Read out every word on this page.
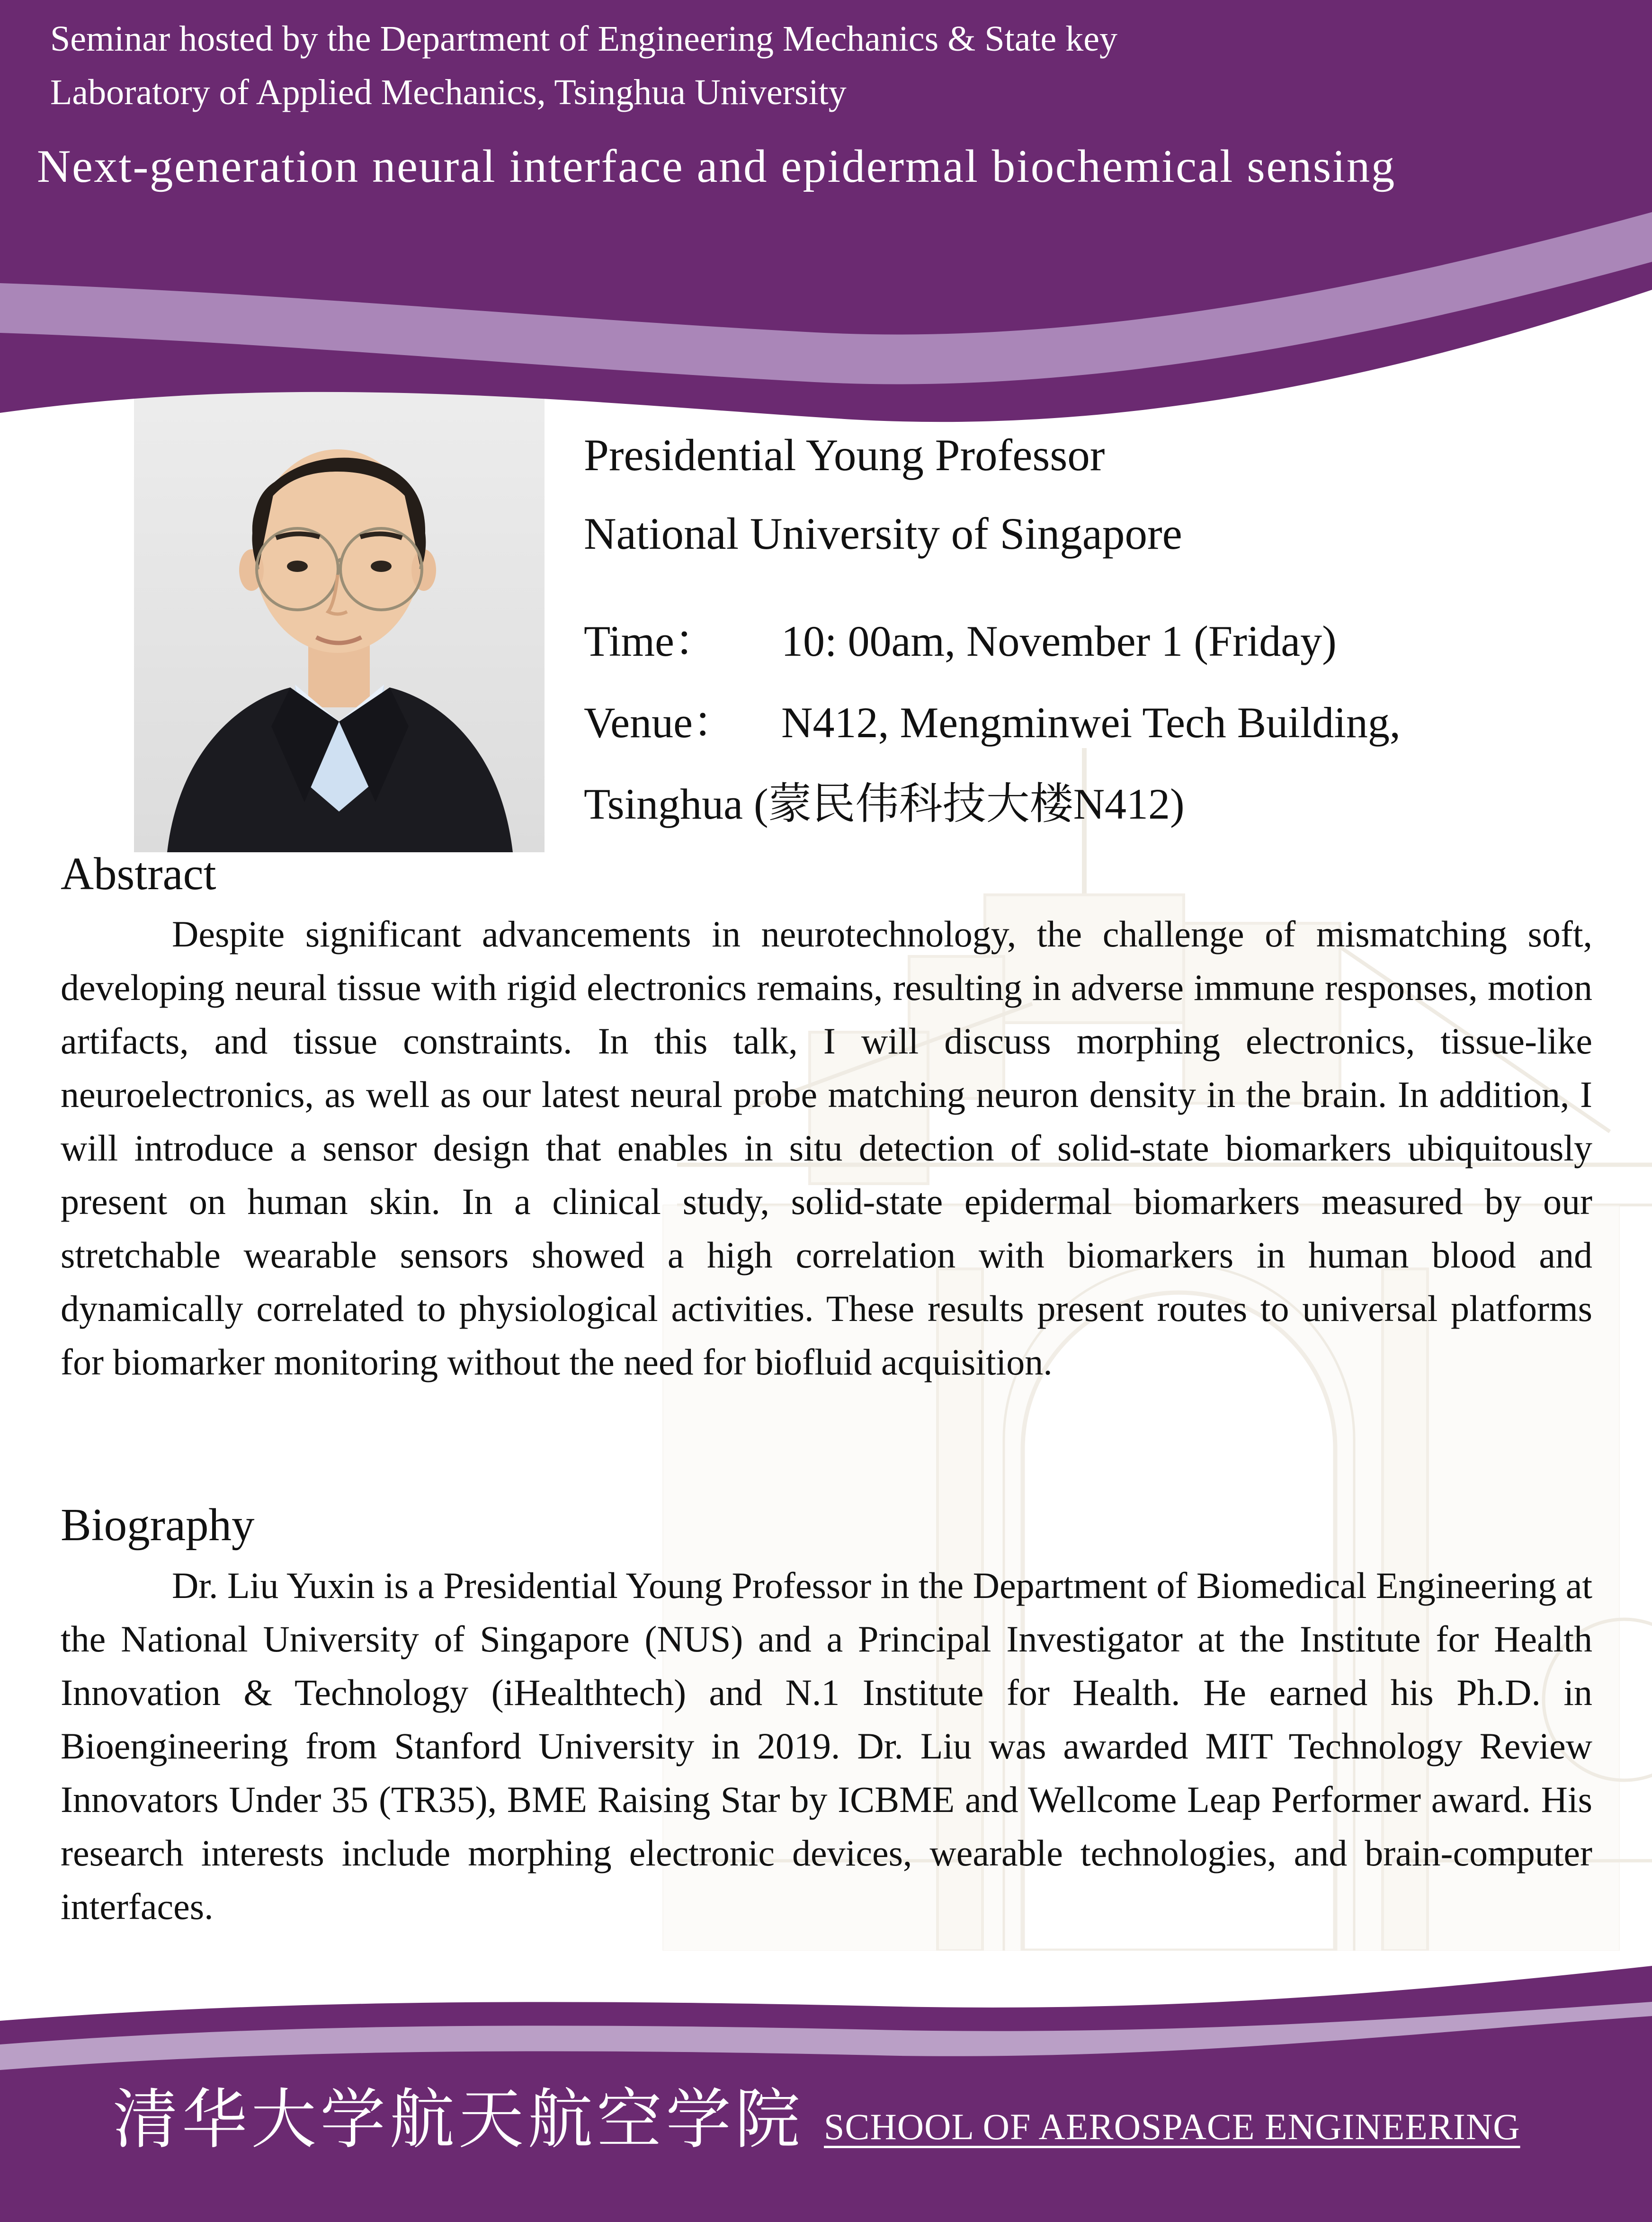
Seminar hosted by the Department of Engineering Mechanics & State key
Laboratory of Applied Mechanics, Tsinghua University
Next-generation neural interface and epidermal biochemical sensing
Presidential Young Professor
National University of Singapore
Time：	10: 00am, November 1 (Friday)
Venue：	N412, Mengminwei Tech Building,
Tsinghua (蒙民伟科技大楼N412)
Abstract
Despite significant advancements in neurotechnology, the challenge of mismatching soft, developing neural tissue with rigid electronics remains, resulting in adverse immune responses, motion artifacts, and tissue constraints. In this talk, I will discuss morphing electronics, tissue-like neuroelectronics, as well as our latest neural probe matching neuron density in the brain. In addition, I will introduce a sensor design that enables in situ detection of solid-state biomarkers ubiquitously present on human skin. In a clinical study, solid-state epidermal biomarkers measured by our stretchable wearable sensors showed a high correlation with biomarkers in human blood and dynamically correlated to physiological activities. These results present routes to universal platforms for biomarker monitoring without the need for biofluid acquisition.
Biography
Dr. Liu Yuxin is a Presidential Young Professor in the Department of Biomedical Engineering at the National University of Singapore (NUS) and a Principal Investigator at the Institute for Health Innovation & Technology (iHealthtech) and N.1 Institute for Health. He earned his Ph.D. in Bioengineering from Stanford University in 2019. Dr. Liu was awarded MIT Technology Review Innovators Under 35 (TR35), BME Raising Star by ICBME and Wellcome Leap Performer award. His research interests include morphing electronic devices, wearable technologies, and brain-computer interfaces.
清华大学航天航空学院 SCHOOL OF AEROSPACE ENGINEERING
